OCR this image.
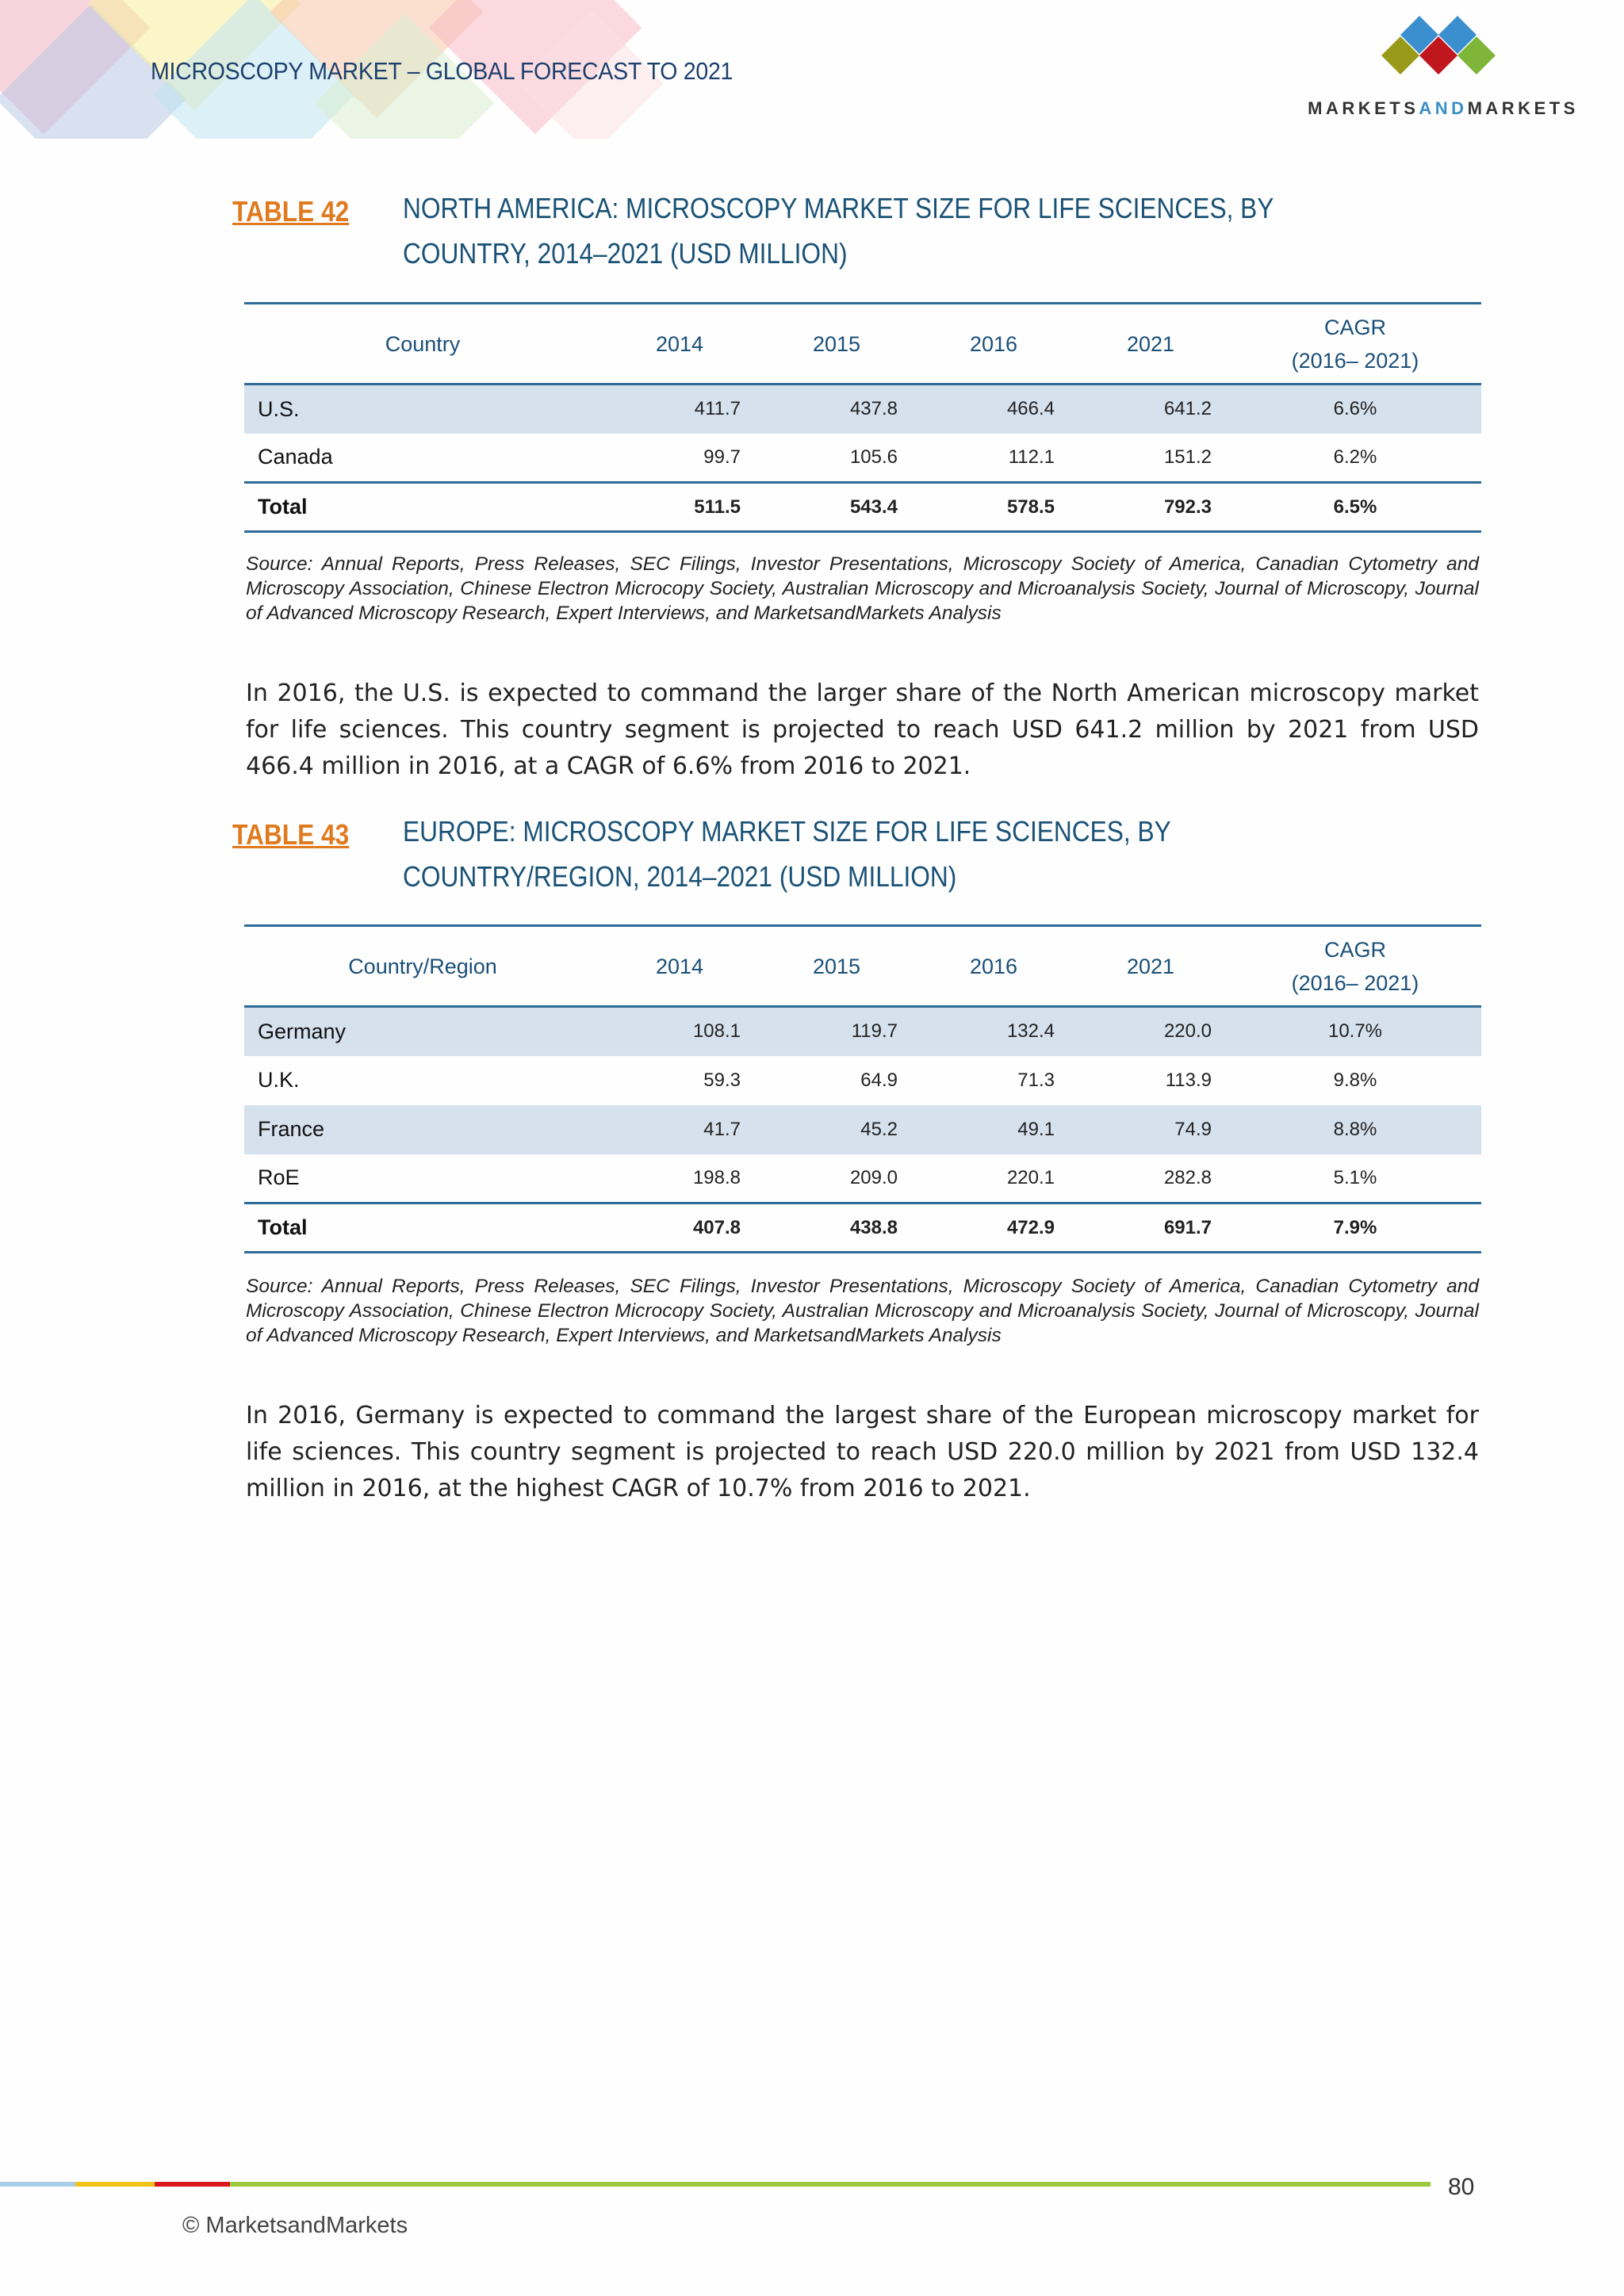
MICROSCOPY MARKET – GLOBAL FORECAST TO 2021
MARKETSANDMARKETS
TABLE 42 NORTH AMERICA: MICROSCOPY MARKET SIZE FOR LIFE SCIENCES, BY COUNTRY, 2014–2021 (USD MILLION)
Country	2014	2015	2016	2021	CAGR
(2016– 2021)
U.S.	411.7	437.8	466.4	641.2	6.6%
Canada	99.7	105.6	112.1	151.2	6.2%
Total	511.5	543.4	578.5	792.3	6.5%
Source: Annual Reports, Press Releases, SEC Filings, Investor Presentations, Microscopy Society of America, Canadian Cytometry and Microscopy Association, Chinese Electron Microcopy Society, Australian Microscopy and Microanalysis Society, Journal of Microscopy, Journal of Advanced Microscopy Research, Expert Interviews, and MarketsandMarkets Analysis
In 2016, the U.S. is expected to command the larger share of the North American microscopy market for life sciences. This country segment is projected to reach USD 641.2 million by 2021 from USD 466.4 million in 2016, at a CAGR of 6.6% from 2016 to 2021.
TABLE 43 EUROPE: MICROSCOPY MARKET SIZE FOR LIFE SCIENCES, BY COUNTRY/REGION, 2014–2021 (USD MILLION)
Country/Region	2014	2015	2016	2021	CAGR
(2016– 2021)
Germany	108.1	119.7	132.4	220.0	10.7%
U.K.	59.3	64.9	71.3	113.9	9.8%
France	41.7	45.2	49.1	74.9	8.8%
RoE	198.8	209.0	220.1	282.8	5.1%
Total	407.8	438.8	472.9	691.7	7.9%
Source: Annual Reports, Press Releases, SEC Filings, Investor Presentations, Microscopy Society of America, Canadian Cytometry and Microscopy Association, Chinese Electron Microcopy Society, Australian Microscopy and Microanalysis Society, Journal of Microscopy, Journal of Advanced Microscopy Research, Expert Interviews, and MarketsandMarkets Analysis
In 2016, Germany is expected to command the largest share of the European microscopy market for life sciences. This country segment is projected to reach USD 220.0 million by 2021 from USD 132.4 million in 2016, at the highest CAGR of 10.7% from 2016 to 2021.
80
© MarketsandMarkets
